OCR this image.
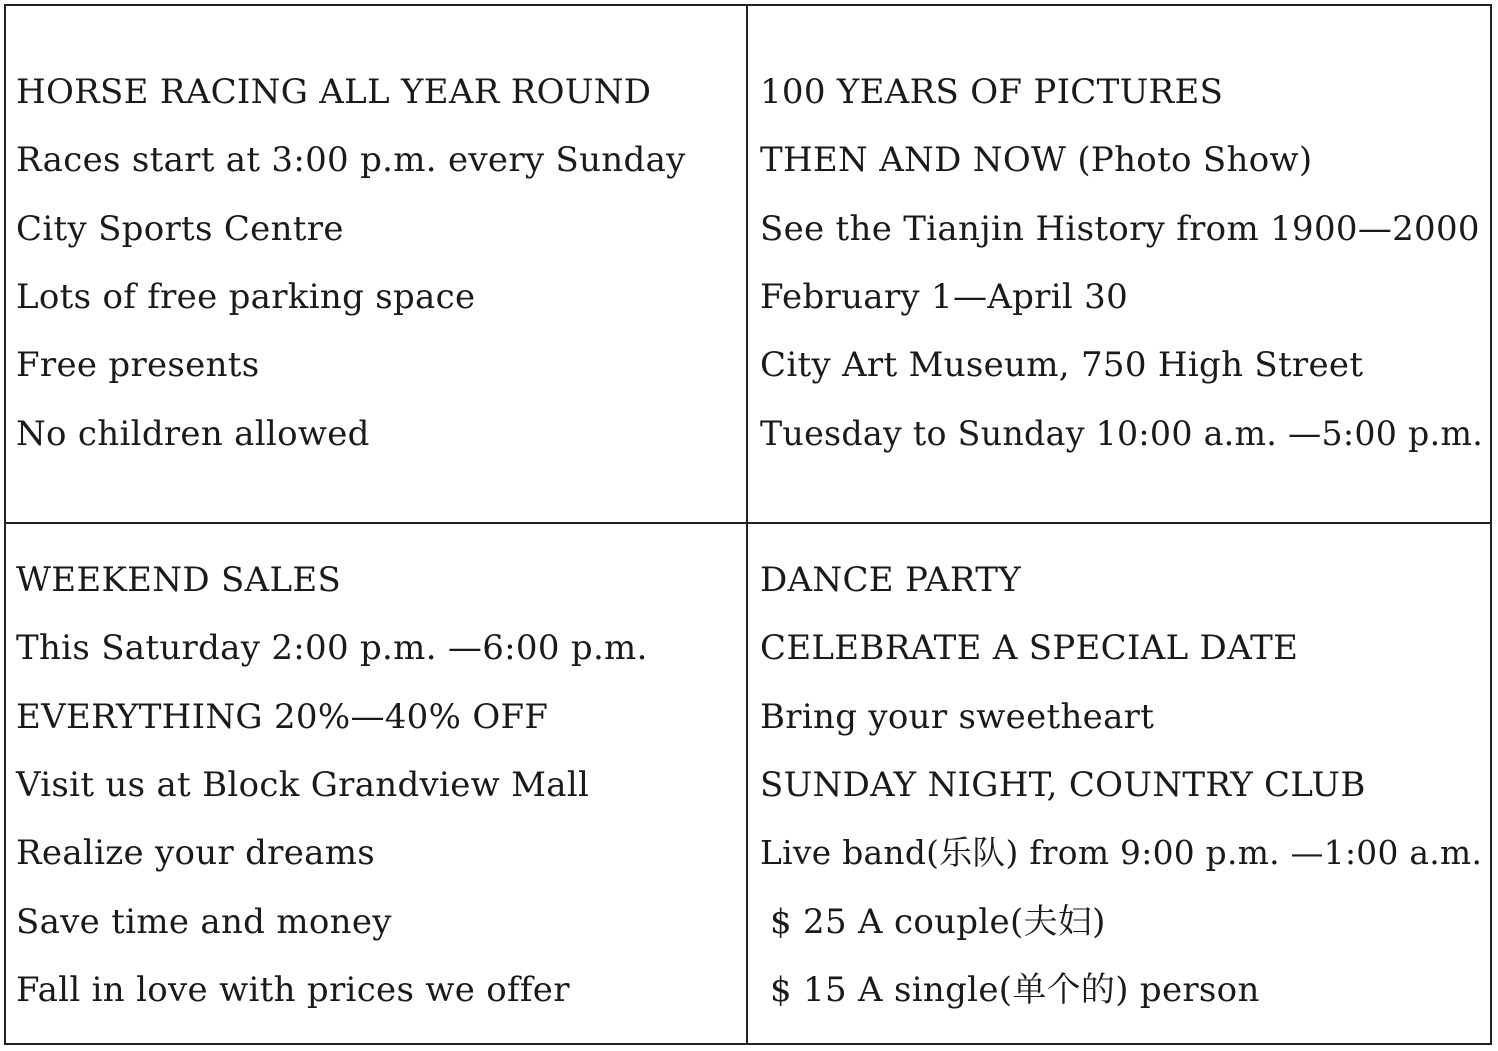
HORSE RACING ALL YEAR ROUND
Races start at 3:00 p.m. every Sunday
City Sports Centre
Lots of free parking space
Free presents
No children allowed
100 YEARS OF PICTURES
THEN AND NOW (Photo Show)
See the Tianjin History from 1900—2000
February 1—April 30
City Art Museum, 750 High Street
Tuesday to Sunday 10:00 a.m. —5:00 p.m.
WEEKEND SALES
This Saturday 2:00 p.m. —6:00 p.m.
EVERYTHING 20%—40% OFF
Visit us at Block Grandview Mall
Realize your dreams
Save time and money
Fall in love with prices we offer
DANCE PARTY
CELEBRATE A SPECIAL DATE
Bring your sweetheart
SUNDAY NIGHT, COUNTRY CLUB
Live band(乐队) from 9:00 p.m. —1:00 a.m.
$ 25 A couple(夫妇)
$ 15 A single(单个的) person
